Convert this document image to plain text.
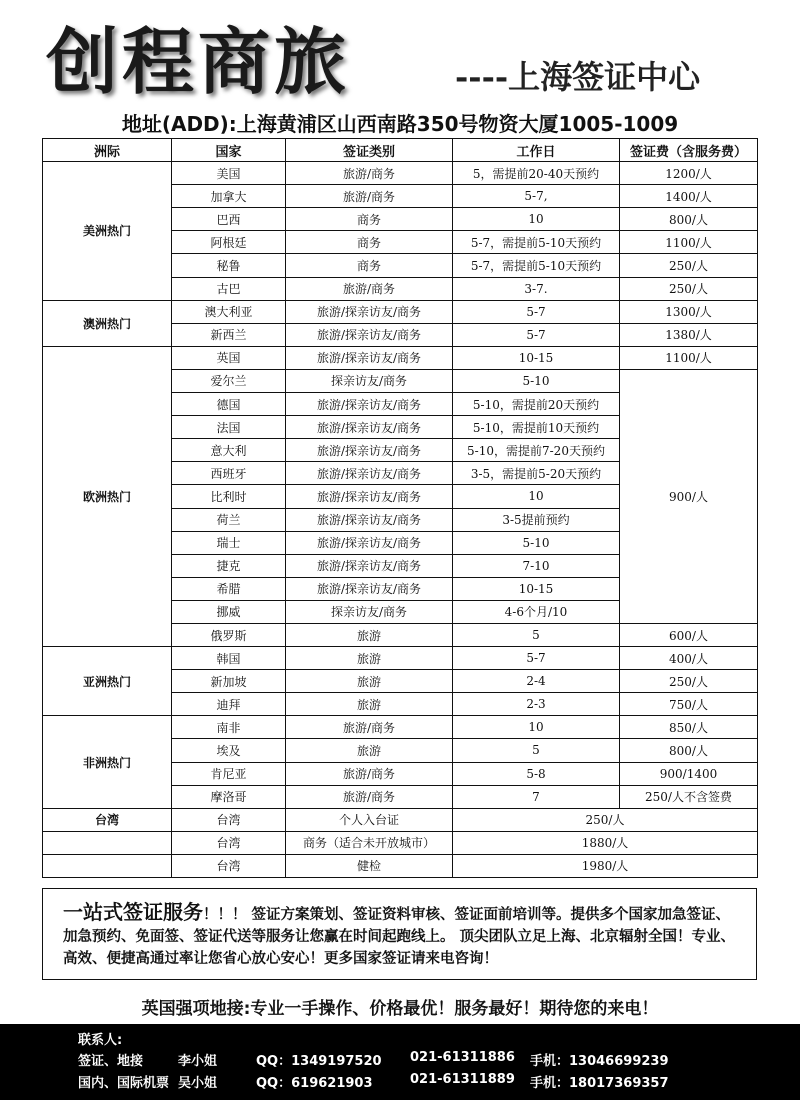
创程商旅	----上海签证中心
地址(ADD):上海黄浦区山西南路350号物资大厦1005-1009
洲际	国家	签证类别	工作日	签证费（含服务费）
美洲热门	美国	旅游/商务	5，需提前20-40天预约	1200/人
	加拿大	旅游/商务	5-7,	1400/人
	巴西	商务	10	800/人
	阿根廷	商务	5-7，需提前5-10天预约	1100/人
	秘鲁	商务	5-7，需提前5-10天预约	250/人
	古巴	旅游/商务	3-7.	250/人
澳洲热门	澳大利亚	旅游/探亲访友/商务	5-7	1300/人
	新西兰	旅游/探亲访友/商务	5-7	1380/人
欧洲热门	英国	旅游/探亲访友/商务	10-15	1100/人
	爱尔兰	探亲访友/商务	5-10	900/人
	德国	旅游/探亲访友/商务	5-10，需提前20天预约	
	法国	旅游/探亲访友/商务	5-10，需提前10天预约	
	意大利	旅游/探亲访友/商务	5-10，需提前7-20天预约	
	西班牙	旅游/探亲访友/商务	3-5，需提前5-20天预约	
	比利时	旅游/探亲访友/商务	10	
	荷兰	旅游/探亲访友/商务	3-5提前预约	
	瑞士	旅游/探亲访友/商务	5-10	
	捷克	旅游/探亲访友/商务	7-10	
	希腊	旅游/探亲访友/商务	10-15	
	挪威	探亲访友/商务	4-6个月/10	
	俄罗斯	旅游	5	600/人
亚洲热门	韩国	旅游	5-7	400/人
	新加坡	旅游	2-4	250/人
	迪拜	旅游	2-3	750/人
非洲热门	南非	旅游/商务	10	850/人
	埃及	旅游	5	800/人
	肯尼亚	旅游/商务	5-8	900/1400
	摩洛哥	旅游/商务	7	250/人不含签费
台湾	台湾	个人入台证	250/人	
	台湾	商务（适合未开放城市）	1880/人	
	台湾	健检	1980/人	
一站式签证服务！！！ 签证方案策划、签证资料审核、签证面前培训等。提供多个国家加急签证、加急预约、免面签、签证代送等服务让您赢在时间起跑线上。 顶尖团队立足上海、北京辐射全国！专业、高效、便捷高通过率让您省心放心安心！更多国家签证请来电咨询！
英国强项地接:专业一手操作、价格最优！服务最好！期待您的来电！
联系人:
签证、地接	李小姐	QQ：1349197520 021-61311886 手机：13046699239
国内、国际机票 吴小姐	QQ：619621903	021-61311889 手机：18017369357
